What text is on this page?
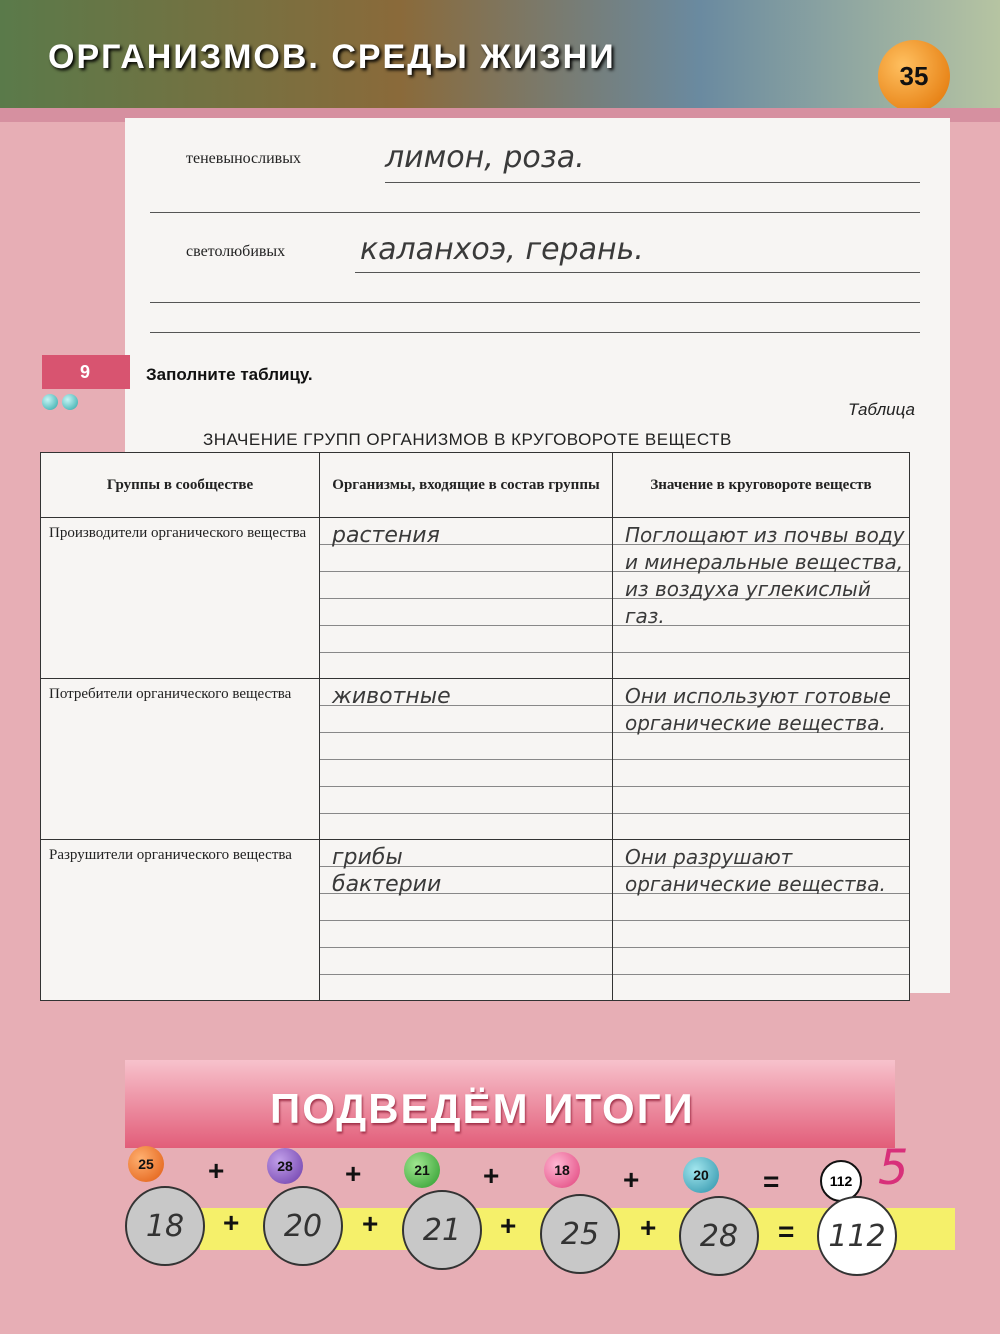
ОРГАНИЗМОВ. СРЕДЫ ЖИЗНИ	35
теневыносливых	лимон, роза.
светолюбивых каланхоэ, герань.
9	Заполните таблицу.
Таблица
ЗНАЧЕНИЕ ГРУПП ОРГАНИЗМОВ В КРУГОВОРОТЕ ВЕЩЕСТВ
Группы в сообществе	Организмы, входящие в состав группы	Значение в круговороте веществ
Производители органического вещества	растения	Поглощают из почвы воду и минеральные вещества, из воздуха углекислый газ.

Потребители органического вещества	животные	Они используют готовые органические вещества.

Разрушители органического вещества	грибы бактерии	Они разрушают органические вещества.
ПОДВЕДЁМ ИТОГИ
25	+	28	+	21	+	18	+	20	=	112 5
18	+	20	+	21	+	25	+	28	=	112
